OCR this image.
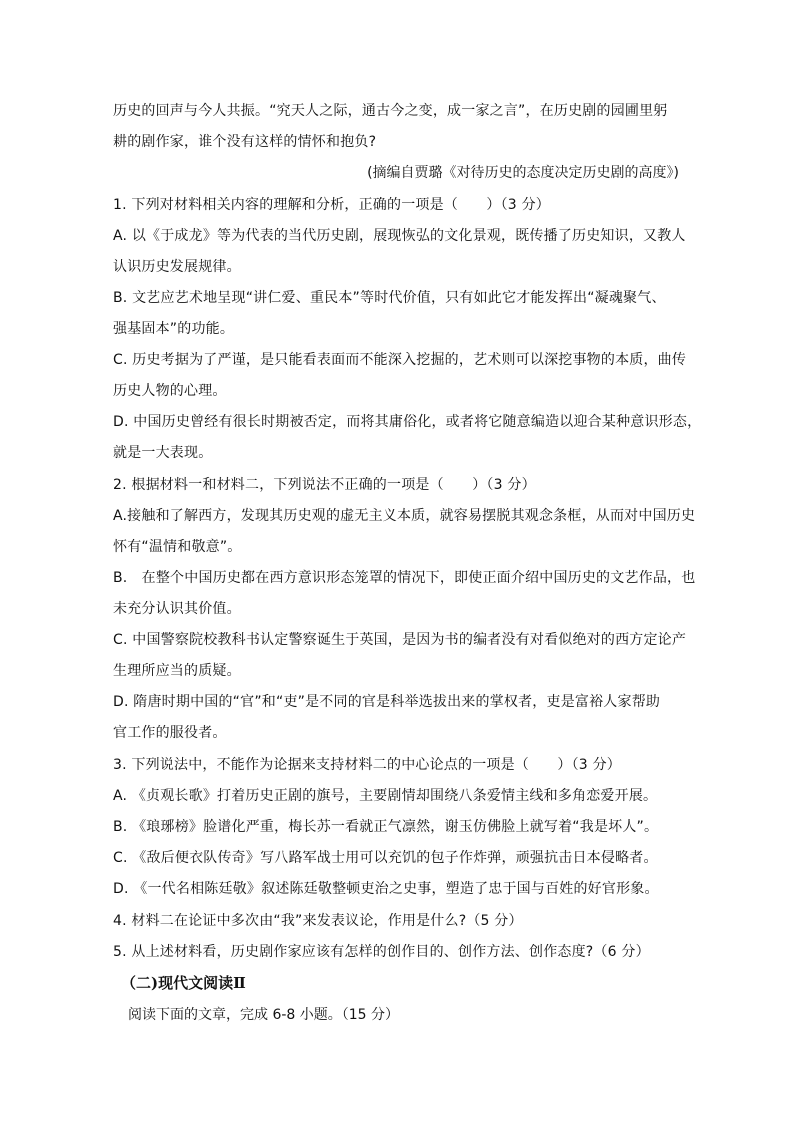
历史的回声与今人共振。“究天人之际，通古今之变，成一家之言”，在历史剧的园圃里躬
耕的剧作家，谁个没有这样的情怀和抱负?
(摘编自贾璐《对待历史的态度决定历史剧的高度》)
1. 下列对材料相关内容的理解和分析，正确的一项是（　　）（3 分）
A. 以《于成龙》等为代表的当代历史剧，展现恢弘的文化景观，既传播了历史知识，又教人
认识历史发展规律。
B. 文艺应艺术地呈现“讲仁爱、重民本”等时代价值，只有如此它才能发挥出“凝魂聚气、
强基固本”的功能。
C. 历史考据为了严谨，是只能看表面而不能深入挖掘的，艺术则可以深挖事物的本质，曲传
历史人物的心理。
D. 中国历史曾经有很长时期被否定，而将其庸俗化，或者将它随意编造以迎合某种意识形态，
就是一大表现。
2. 根据材料一和材料二，下列说法不正确的一项是（　　）（3 分）
A.接触和了解西方，发现其历史观的虚无主义本质，就容易摆脱其观念条框，从而对中国历史
怀有“温情和敬意”。
B.　在整个中国历史都在西方意识形态笼罩的情况下，即使正面介绍中国历史的文艺作品，也
未充分认识其价值。
C. 中国警察院校教科书认定警察诞生于英国，是因为书的编者没有对看似绝对的西方定论产
生理所应当的质疑。
D. 隋唐时期中国的“官”和“吏”是不同的官是科举选拔出来的掌权者，吏是富裕人家帮助
官工作的服役者。
3. 下列说法中，不能作为论据来支持材料二的中心论点的一项是（　　）（3 分）
A. 《贞观长歌》打着历史正剧的旗号，主要剧情却围绕八条爱情主线和多角恋爱开展。
B. 《琅琊榜》脸谱化严重，梅长苏一看就正气凛然，谢玉仿佛脸上就写着“我是坏人”。
C. 《敌后便衣队传奇》写八路军战士用可以充饥的包子作炸弹，顽强抗击日本侵略者。
D. 《一代名相陈廷敬》叙述陈廷敬整顿吏治之史事，塑造了忠于国与百姓的好官形象。
4. 材料二在论证中多次由“我”来发表议论，作用是什么?（5 分）
5. 从上述材料看，历史剧作家应该有怎样的创作目的、创作方法、创作态度?（6 分）
（二)现代文阅读Ⅱ
阅读下面的文章，完成 6-8 小题。（15 分）
